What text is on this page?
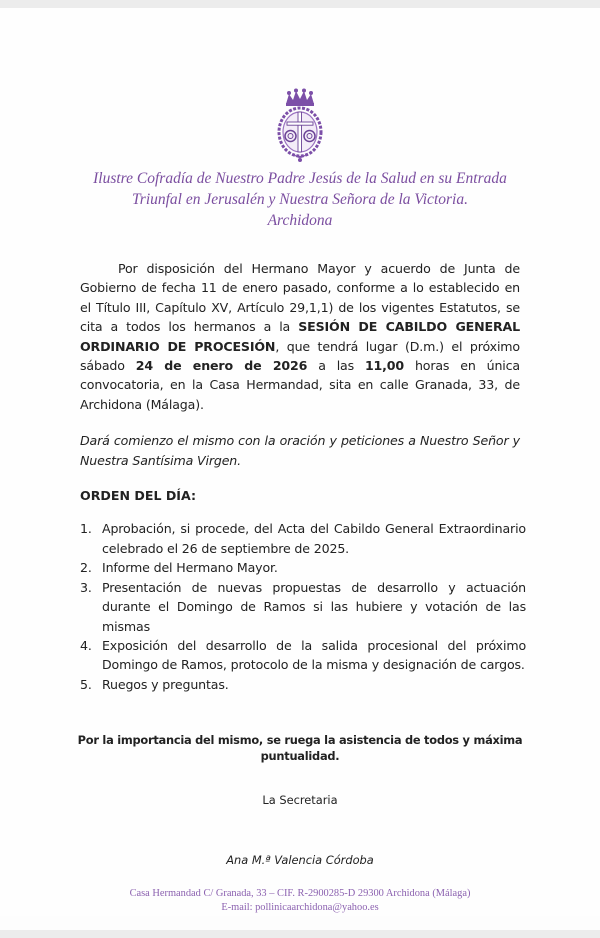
Ilustre Cofradía de Nuestro Padre Jesús de la Salud en su Entrada
Triunfal en Jerusalén y Nuestra Señora de la Victoria.
Archidona
Por disposición del Hermano Mayor y acuerdo de Junta de Gobierno de fecha 11 de enero pasado, conforme a lo establecido en el Título III, Capítulo XV, Artículo 29,1,1) de los vigentes Estatutos, se cita a todos los hermanos a la SESIÓN DE CABILDO GENERAL ORDINARIO DE PROCESIÓN, que tendrá lugar (D.m.) el próximo sábado 24 de enero de 2026 a las 11,00 horas en única convocatoria, en la Casa Hermandad, sita en calle Granada, 33, de Archidona (Málaga).
Dará comienzo el mismo con la oración y peticiones a Nuestro Señor y Nuestra Santísima Virgen.
ORDEN DEL DÍA:
1. Aprobación, si procede, del Acta del Cabildo General Extraordinario celebrado el 26 de septiembre de 2025.
2. Informe del Hermano Mayor.
3. Presentación de nuevas propuestas de desarrollo y actuación durante el Domingo de Ramos si las hubiere y votación de las mismas
4. Exposición del desarrollo de la salida procesional del próximo Domingo de Ramos, protocolo de la misma y designación de cargos.
5. Ruegos y preguntas.
Por la importancia del mismo, se ruega la asistencia de todos y máxima puntualidad.
La Secretaria
Ana M.ª Valencia Córdoba
Casa Hermandad C/ Granada, 33 – CIF. R-2900285-D 29300 Archidona (Málaga)
E-mail: pollinicaarchidona@yahoo.es
